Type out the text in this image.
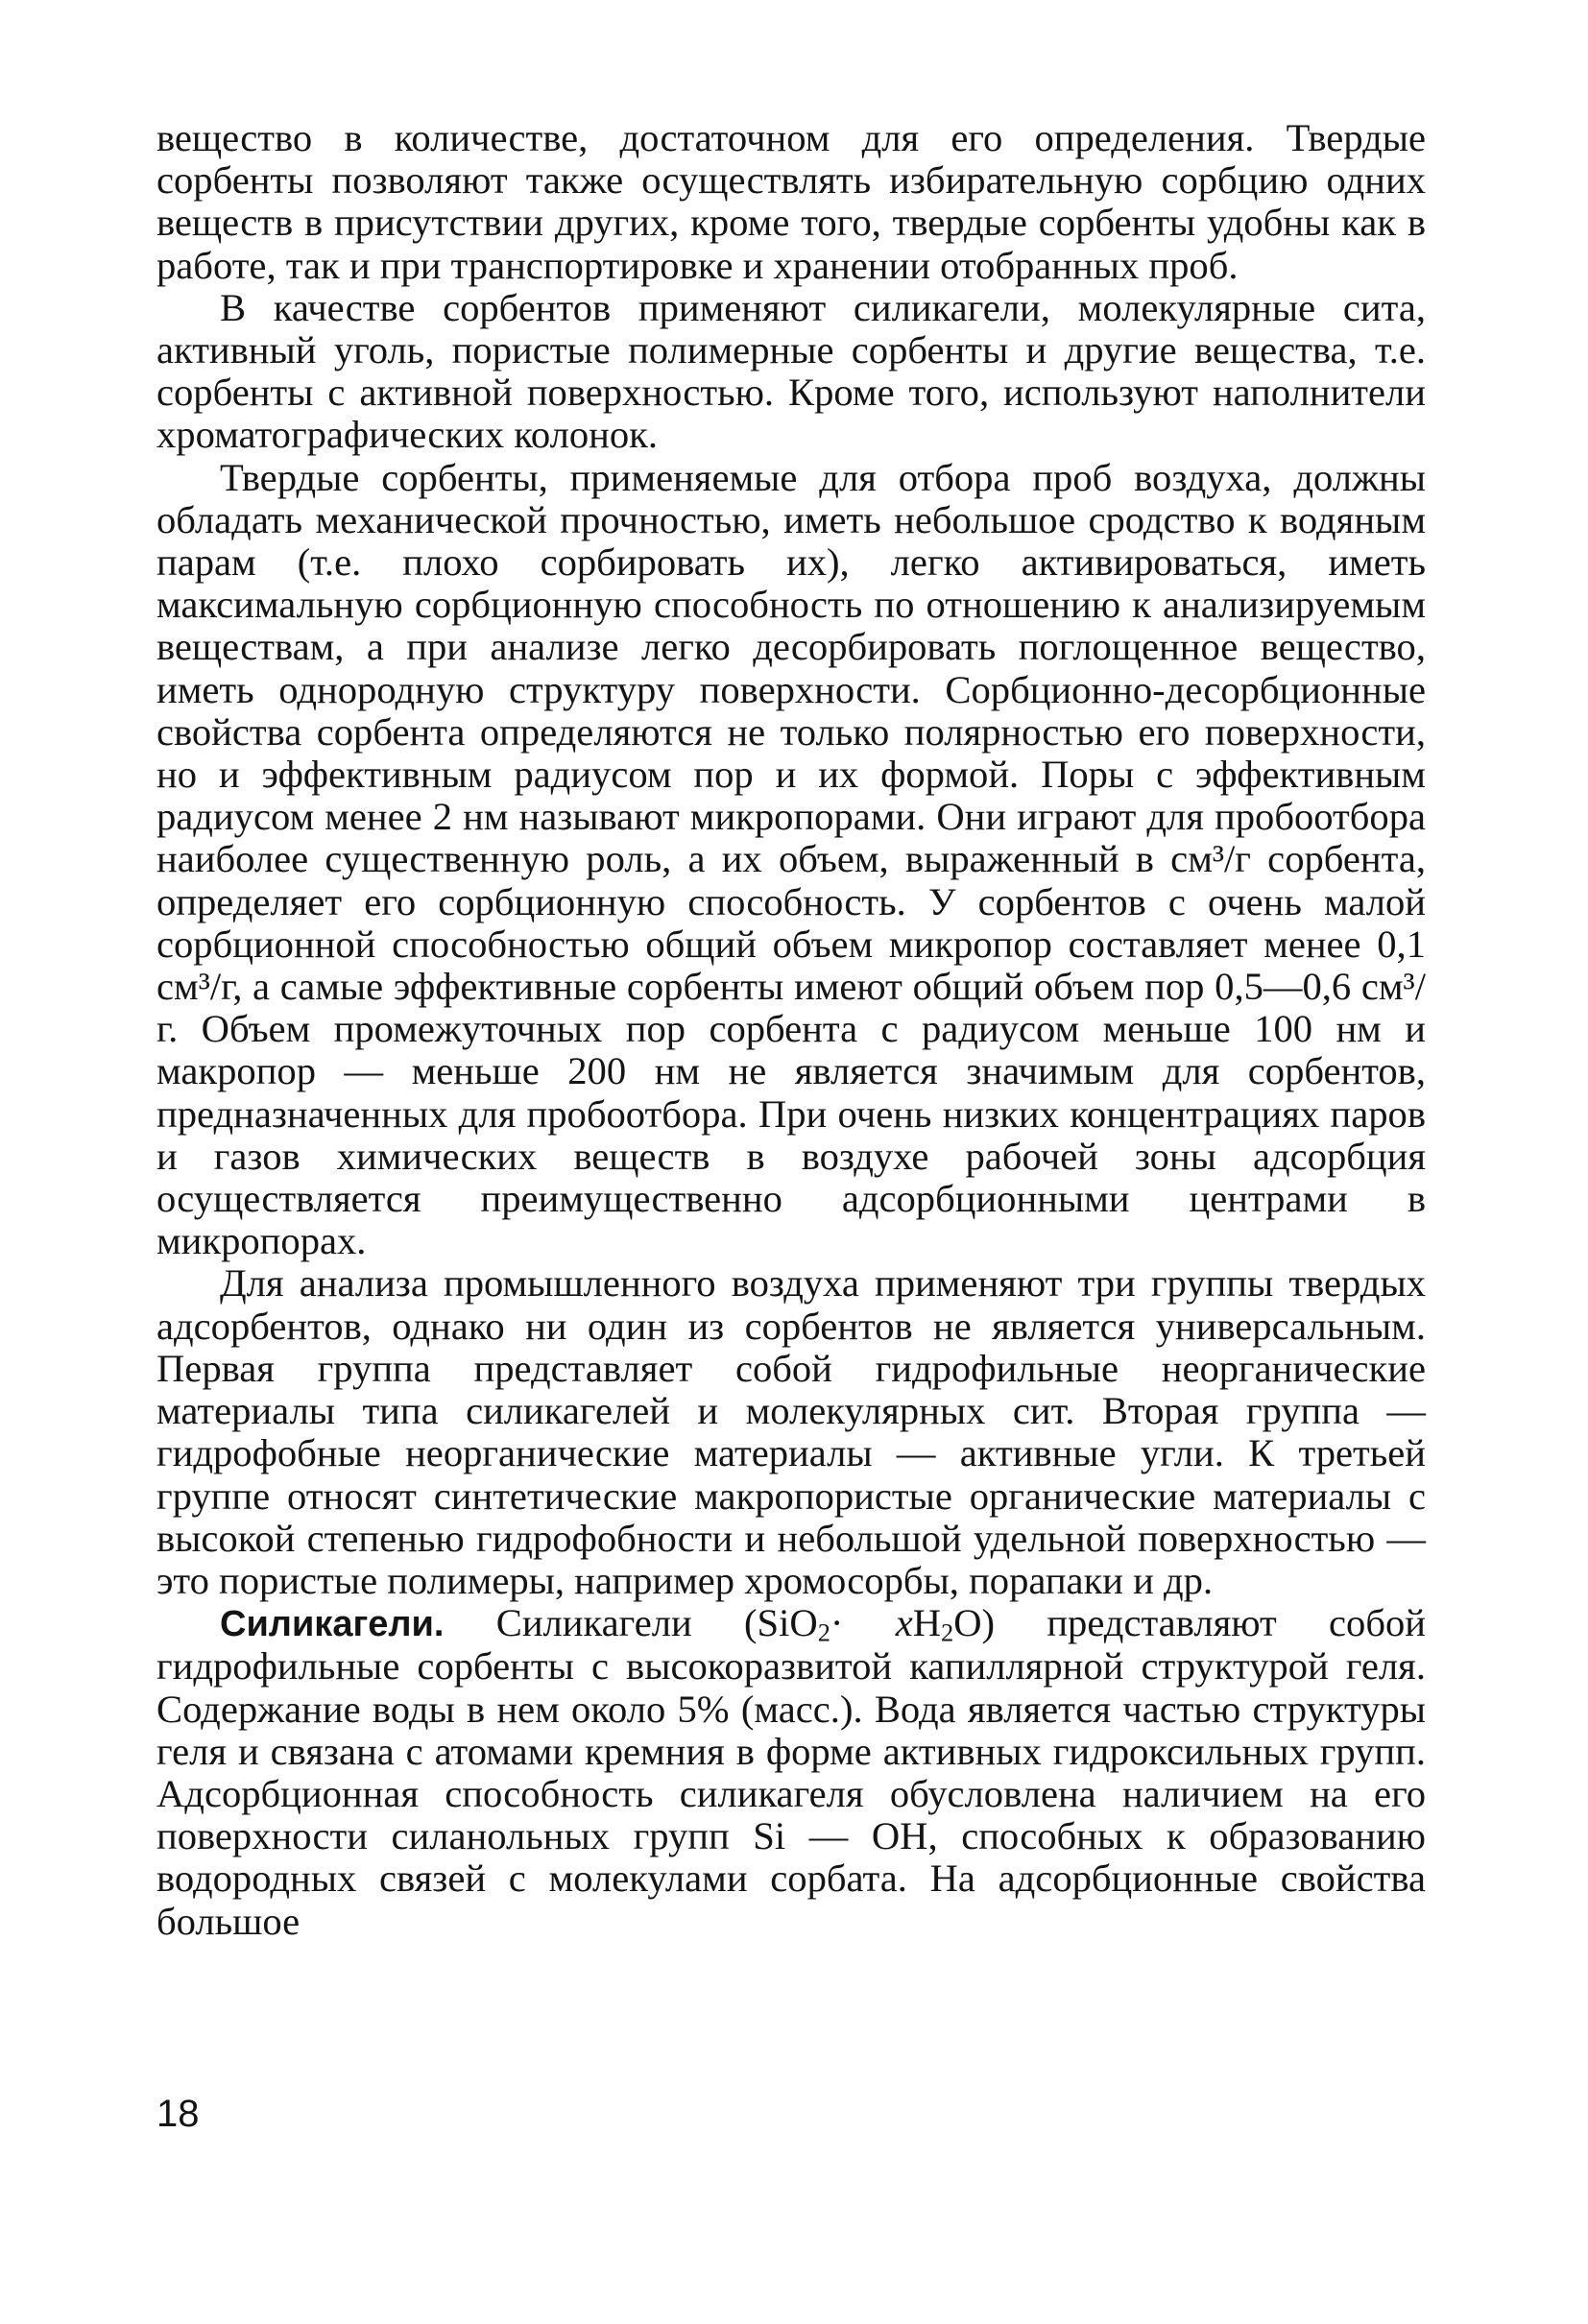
вещество в количестве, достаточном для его определения. Твердые сорбенты позволяют также осуществлять избирательную сорбцию одних веществ в присутствии других, кроме того, твердые сорбенты удобны как в работе, так и при транспортировке и хранении отобранных проб.

В качестве сорбентов применяют силикагели, молекулярные сита, активный уголь, пористые полимерные сорбенты и другие вещества, т.е. сорбенты с активной поверхностью. Кроме того, используют наполнители хроматографических колонок.

Твердые сорбенты, применяемые для отбора проб воздуха, должны обладать механической прочностью, иметь небольшое сродство к водяным парам (т.е. плохо сорбировать их), легко активироваться, иметь максимальную сорбционную способность по отношению к анализируемым веществам, а при анализе легко десорбировать поглощенное вещество, иметь однородную структуру поверхности. Сорбционно-десорбционные свойства сорбента определяются не только полярностью его поверхности, но и эффективным радиусом пор и их формой. Поры с эффективным радиусом менее 2 нм называют микропорами. Они играют для пробоотбора наиболее существенную роль, а их объем, выраженный в см³/г сорбента, определяет его сорбционную способность. У сорбентов с очень малой сорбционной способностью общий объем микропор составляет менее 0,1 см³/г, а самые эффективные сорбенты имеют общий объем пор 0,5—0,6 см³/г. Объем промежуточных пор сорбента с радиусом меньше 100 нм и макропор — меньше 200 нм не является значимым для сорбентов, предназначенных для пробоотбора. При очень низких концентрациях паров и газов химических веществ в воздухе рабочей зоны адсорбция осуществляется преимущественно адсорбционными центрами в микропорах.

Для анализа промышленного воздуха применяют три группы твердых адсорбентов, однако ни один из сорбентов не является универсальным. Первая группа представляет собой гидрофильные неорганические материалы типа силикагелей и молекулярных сит. Вторая группа — гидрофобные неорганические материалы — активные угли. К третьей группе относят синтетические макропористые органические материалы с высокой степенью гидрофобности и небольшой удельной поверхностью — это пористые полимеры, например хромосорбы, порапаки и др.

Силикагели. Силикагели $(SiO_2\cdot xH_2O)$ представляют собой гидрофильные сорбенты с высокоразвитой капиллярной структурой геля. Содержание воды в нем около 5% (масс.). Вода является частью структуры геля и связана с атомами кремния в форме активных гидроксильных групп. Адсорбционная способность силикагеля обусловлена наличием на его поверхности силанольных групп Si — OH, способных к образованию водородных связей с молекулами сорбата. На адсорбционные свойства большое

18
